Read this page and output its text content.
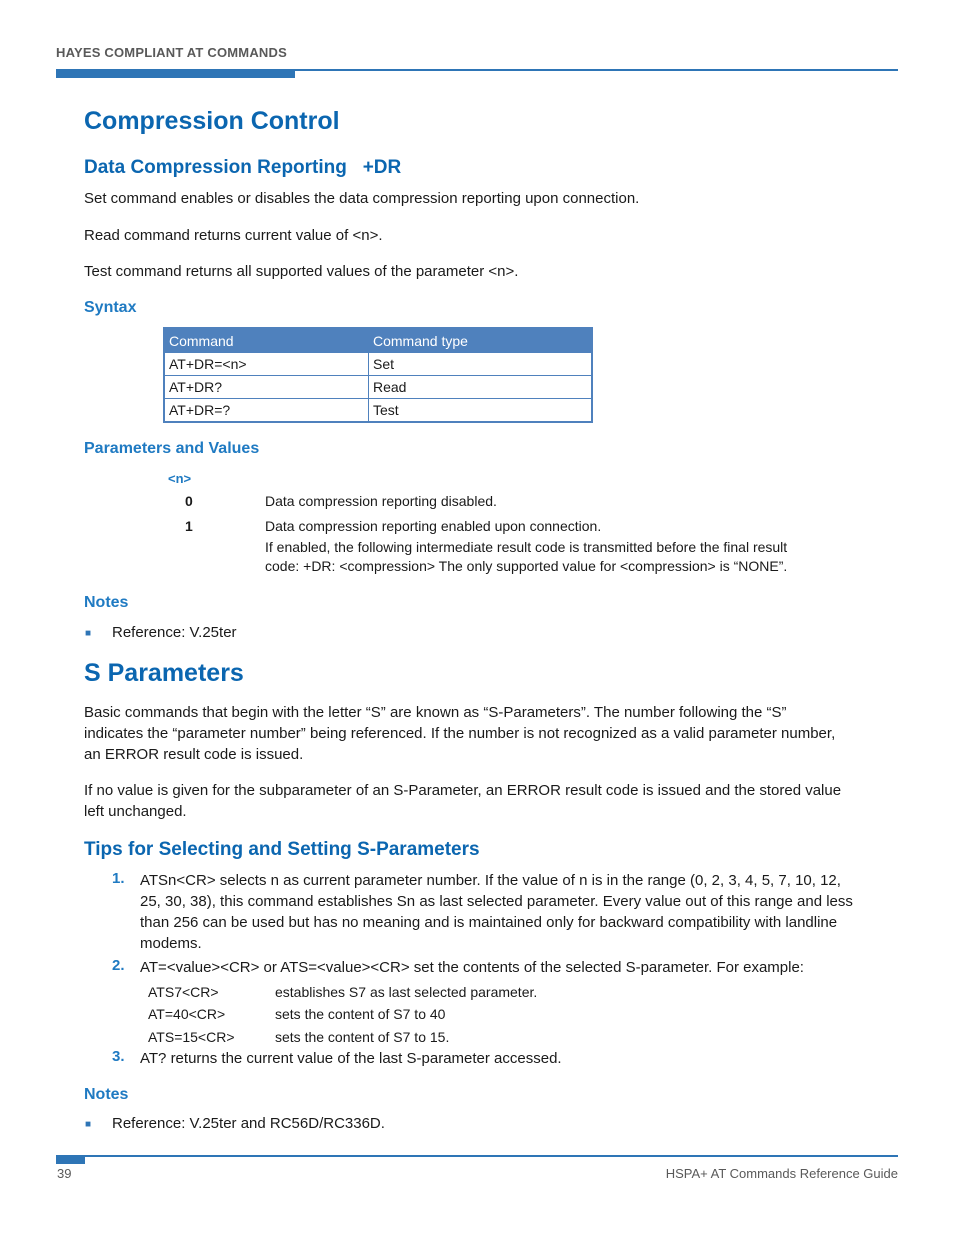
HAYES COMPLIANT AT COMMANDS
Compression Control
Data Compression Reporting   +DR
Set command enables or disables the data compression reporting upon connection.
Read command returns current value of <n>.
Test command returns all supported values of the parameter <n>.
Syntax
Command	Command type
AT+DR=<n>	Set
AT+DR?	Read
AT+DR=?	Test
Parameters and Values
<n>
0	Data compression reporting disabled.
1	Data compression reporting enabled upon connection.
If enabled, the following intermediate result code is transmitted before the final result
code: +DR: <compression> The only supported value for <compression> is “NONE”.
Notes
■ Reference: V.25ter
S Parameters
Basic commands that begin with the letter “S” are known as “S-Parameters”. The number following the “S”
indicates the “parameter number” being referenced. If the number is not recognized as a valid parameter number,
an ERROR result code is issued.
If no value is given for the subparameter of an S-Parameter, an ERROR result code is issued and the stored value
left unchanged.
Tips for Selecting and Setting S-Parameters
1. ATSn<CR> selects n as current parameter number. If the value of n is in the range (0, 2, 3, 4, 5, 7, 10, 12,
25, 30, 38), this command establishes Sn as last selected parameter. Every value out of this range and less
than 256 can be used but has no meaning and is maintained only for backward compatibility with landline
modems.
2. AT=<value><CR> or ATS=<value><CR> set the contents of the selected S-parameter. For example:
ATS7<CR>	establishes S7 as last selected parameter.
AT=40<CR>	sets the content of S7 to 40
ATS=15<CR>	sets the content of S7 to 15.
3. AT? returns the current value of the last S-parameter accessed.
Notes
■ Reference: V.25ter and RC56D/RC336D.
39	HSPA+ AT Commands Reference Guide
